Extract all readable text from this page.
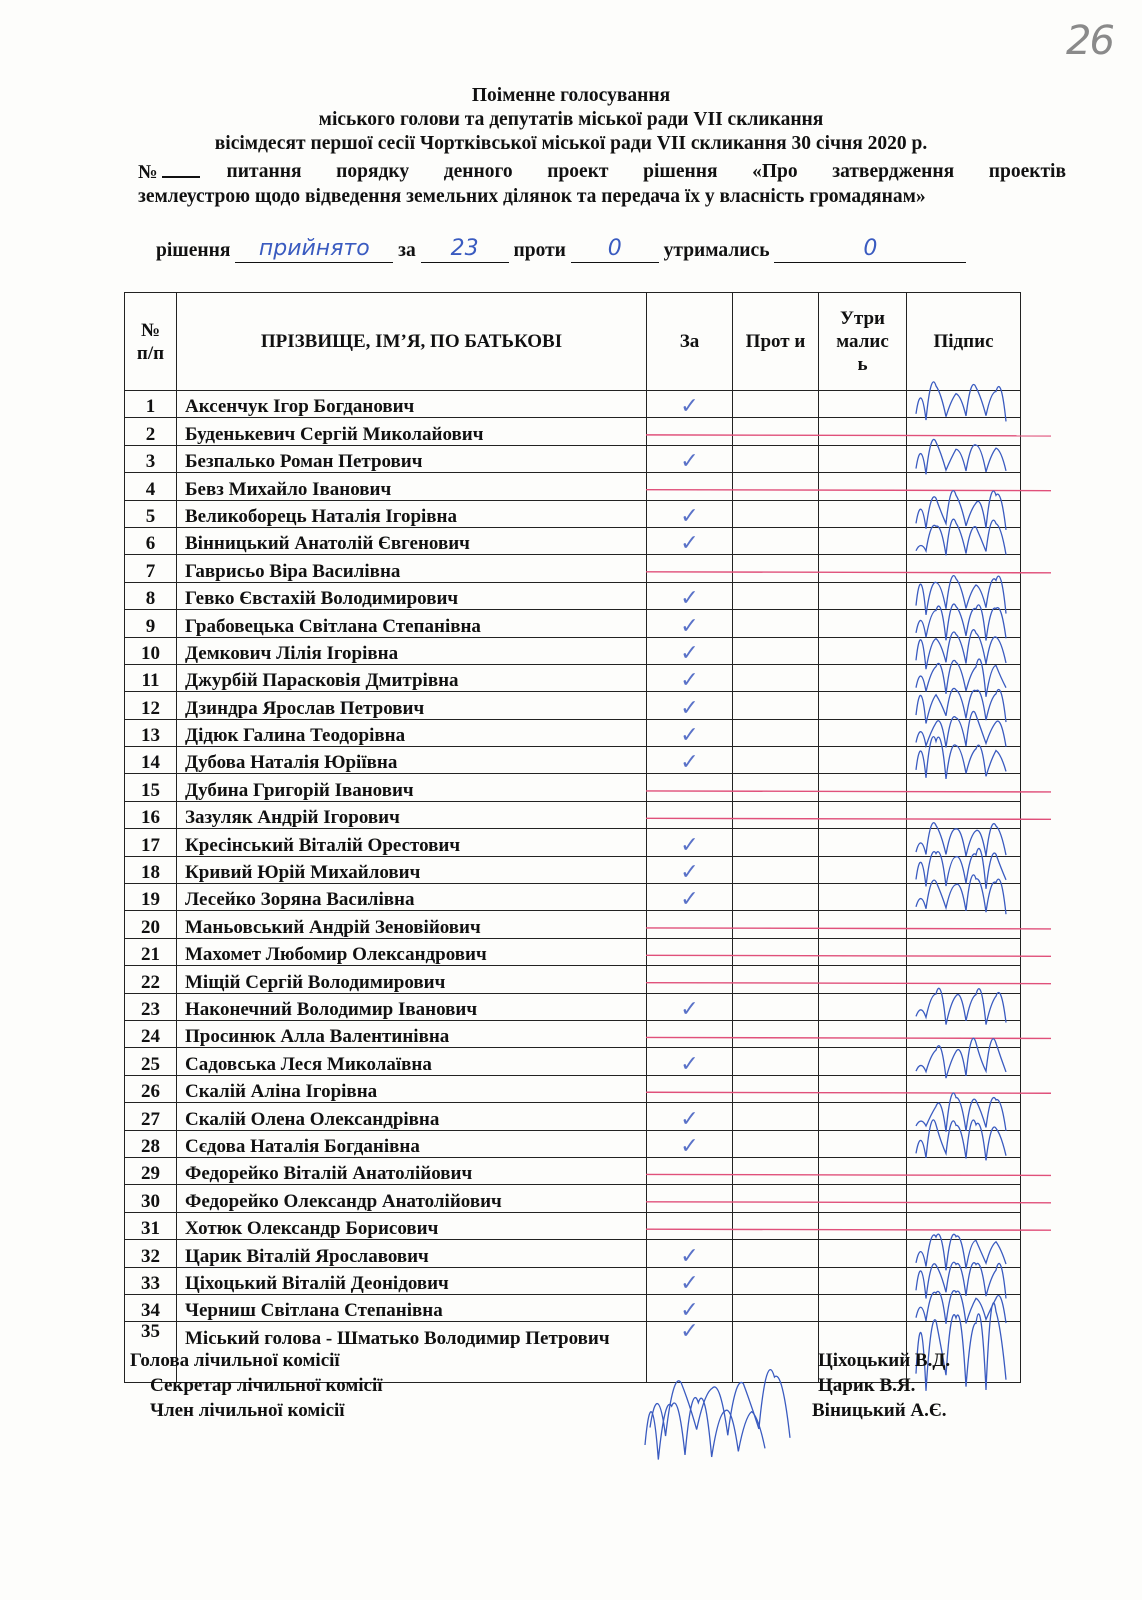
26
Поіменне голосування
міського голови та депутатів міської ради VII скликання
вісімдесят першої сесії Чортківської міської ради VII скликання 30 січня 2020 р.
№	питання порядку денного проект рішення «Про затвердження проектів
землеустрою щодо відведення земельних ділянок та передача їх у власність громадянам»
рішення прийнято за 23 проти 0 утримались	0
№ п/п	ПРІЗВИЩЕ, ІМ’Я, ПО БАТЬКОВІ	За	Прот и	Утри малис ь	Підпис
1	Аксенчук Ігор Богданович	✓			
2	Буденькевич Сергій Миколайович				
3	Безпалько Роман Петрович	✓			
4	Бевз Михайло Іванович				
5	Великоборець Наталія Ігорівна	✓			
6	Вінницький Анатолій Євгенович	✓			
7	Гаврисьо Віра Василівна				
8	Гевко Євстахій Володимирович	✓			
9	Грабовецька Світлана Степанівна	✓			
10	Демкович Лілія Ігорівна	✓			
11	Джурбій Парасковія Дмитрівна	✓			
12	Дзиндра Ярослав Петрович	✓			
13	Дідюк Галина Теодорівна	✓			
14	Дубова Наталія Юріївна	✓			
15	Дубина Григорій Іванович				
16	Зазуляк Андрій Ігорович				
17	Кресінський Віталій Орестович	✓			
18	Кривий Юрій Михайлович	✓			
19	Лесейко Зоряна Василівна	✓			
20	Маньовський Андрій Зеновійович				
21	Махомет Любомир Олександрович				
22	Міщій Сергій Володимирович				
23	Наконечний Володимир Іванович	✓			
24	Просинюк Алла Валентинівна				
25	Садовська Леся Миколаївна	✓			
26	Скалій Аліна Ігорівна				
27	Скалій Олена Олександрівна	✓			
28	Сєдова Наталія Богданівна	✓			
29	Федорейко Віталій Анатолійович				
30	Федорейко Олександр Анатолійович				
31	Хотюк Олександр Борисович				
32	Царик Віталій Ярославович	✓			
33	Ціхоцький Віталій Деонідович	✓			
34	Черниш Світлана Степанівна	✓			
35	Міський голова - Шматько Володимир Петрович	✓			
Голова лічильної комісії
Секретар лічильної комісії
Член лічильної комісії
Ціхоцький В.Д.
Царик В.Я.
Віницький А.Є.
